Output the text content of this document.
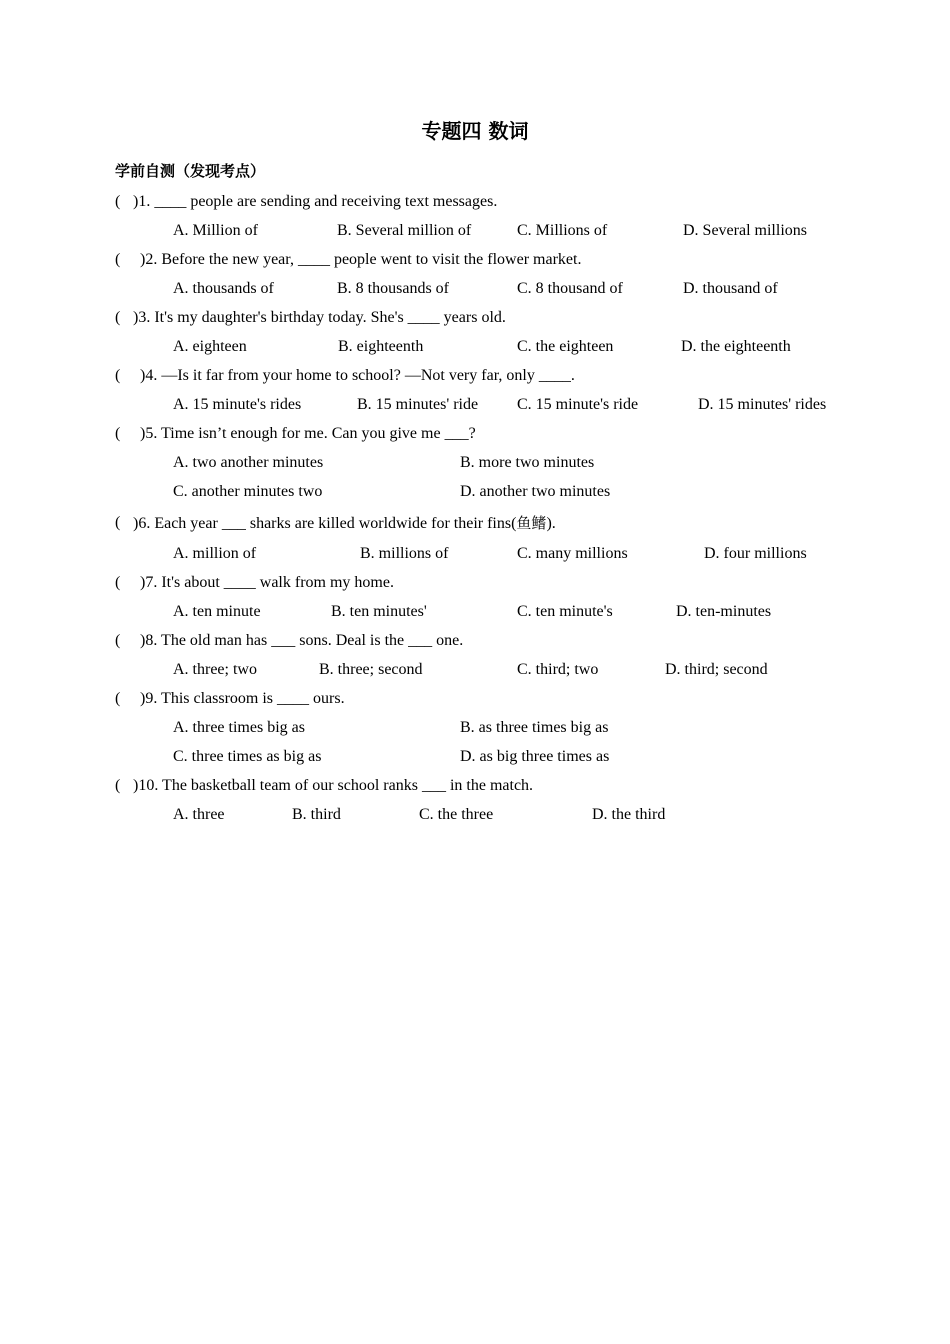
专题四 数词
学前自测（发现考点）
( )1. ____ people are sending and receiving text messages.
A. Million of	B. Several million of	C. Millions of	D. Several millions
( )2. Before the new year, ____ people went to visit the flower market.
A. thousands of	B. 8 thousands of	C. 8 thousand of	D. thousand of
( )3. It's my daughter's birthday today. She's ____ years old.
A. eighteen	B. eighteenth	C. the eighteen	D. the eighteenth
( )4. —Is it far from your home to school? —Not very far, only ____.
A. 15 minute's rides	B. 15 minutes' ride C. 15 minute's ride	D. 15 minutes' rides
( )5. Time isn’t enough for me. Can you give me ___?
A. two another minutes	B. more two minutes
C. another minutes two	D. another two minutes
( )6. Each year ___ sharks are killed worldwide for their fins(鱼鳍).
A. million of	B. millions of	C. many millions	D. four millions
( )7. It's about ____ walk from my home.
A. ten minute	B. ten minutes'	C. ten minute's	D. ten-minutes
( )8. The old man has ___ sons. Deal is the ___ one.
A. three; two	B. three; second	C. third; two	D. third; second
( )9. This classroom is ____ ours.
A. three times big as	B. as three times big as
C. three times as big as	D. as big three times as
( )10. The basketball team of our school ranks ___ in the match.
A. three	B. third	C. the three	D. the third
